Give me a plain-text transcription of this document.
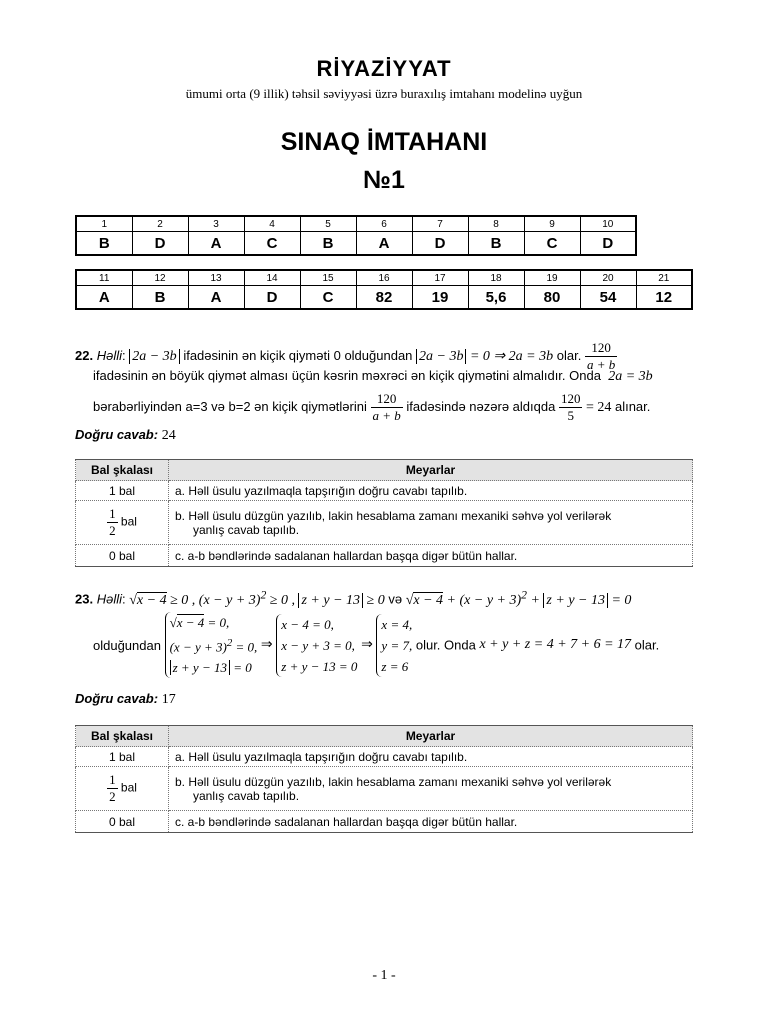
RİYAZİYYAT
ümumi orta (9 illik) təhsil səviyyəsi üzrə buraxılış imtahanı modelinə uyğun
SINAQ İMTAHANI
№1
1	2	3	4	5	6	7	8	9	10
B	D	A	C	B	A	D	B	C	D
11	12	13	14	15	16	17	18	19	20	21
A	B	A	D	C	82	19	5,6	80	54	12
22. Həlli: 2a − 3b ifadəsinin ən kiçik qiyməti 0 olduğundan 2a − 3b = 0 ⇒ 2a = 3b olar. $\frac{120}{a + b}$
ifadəsinin ən böyük qiymət alması üçün kəsrin məxrəci ən kiçik qiymətini almalıdır. Onda 2a = 3b
bərabərliyindən a=3 və b=2 ən kiçik qiymətlərini $\frac{120}{a + b}$ ifadəsində nəzərə aldıqda $\frac{120}{5} = 24$ alınar.
Doğru cavab: 24
Bal şkalası	Meyarlar
1 bal	a. Həll üsulu yazılmaqla tapşırığın doğru cavabı tapılıb.

$\frac{1}{2}$ bal	b. Həll üsulu düzgün yazılıb, lakin hesablama zamanı mexaniki səhvə yol verilərək
yanlış cavab tapılıb.
0 bal	c. a-b bəndlərində sadalanan hallardan başqa digər bütün hallar.
23. Həlli: √x − 4 ≥ 0 , $(x - y + 3)^2 \ge 0$ , z + y − 13 ≥ 0 və $√x - 4 + (x - y + 3)^2 + z + y - 13 = 0$
olduğundan √x − 4 = 0,
$(x - y + 3)^2 = 0$,
z + y − 13 = 0 ⇒ x − 4 = 0,
x − y + 3 = 0,
z + y − 13 = 0 ⇒ x = 4,
y = 7,
z = 6 olur. Onda x + y + z = 4 + 7 + 6 = 17 olar.
Doğru cavab: 17
Bal şkalası	Meyarlar
1 bal	a. Həll üsulu yazılmaqla tapşırığın doğru cavabı tapılıb.

$\frac{1}{2}$ bal	b. Həll üsulu düzgün yazılıb, lakin hesablama zamanı mexaniki səhvə yol verilərək
yanlış cavab tapılıb.
0 bal	c. a-b bəndlərində sadalanan hallardan başqa digər bütün hallar.
- 1 -
